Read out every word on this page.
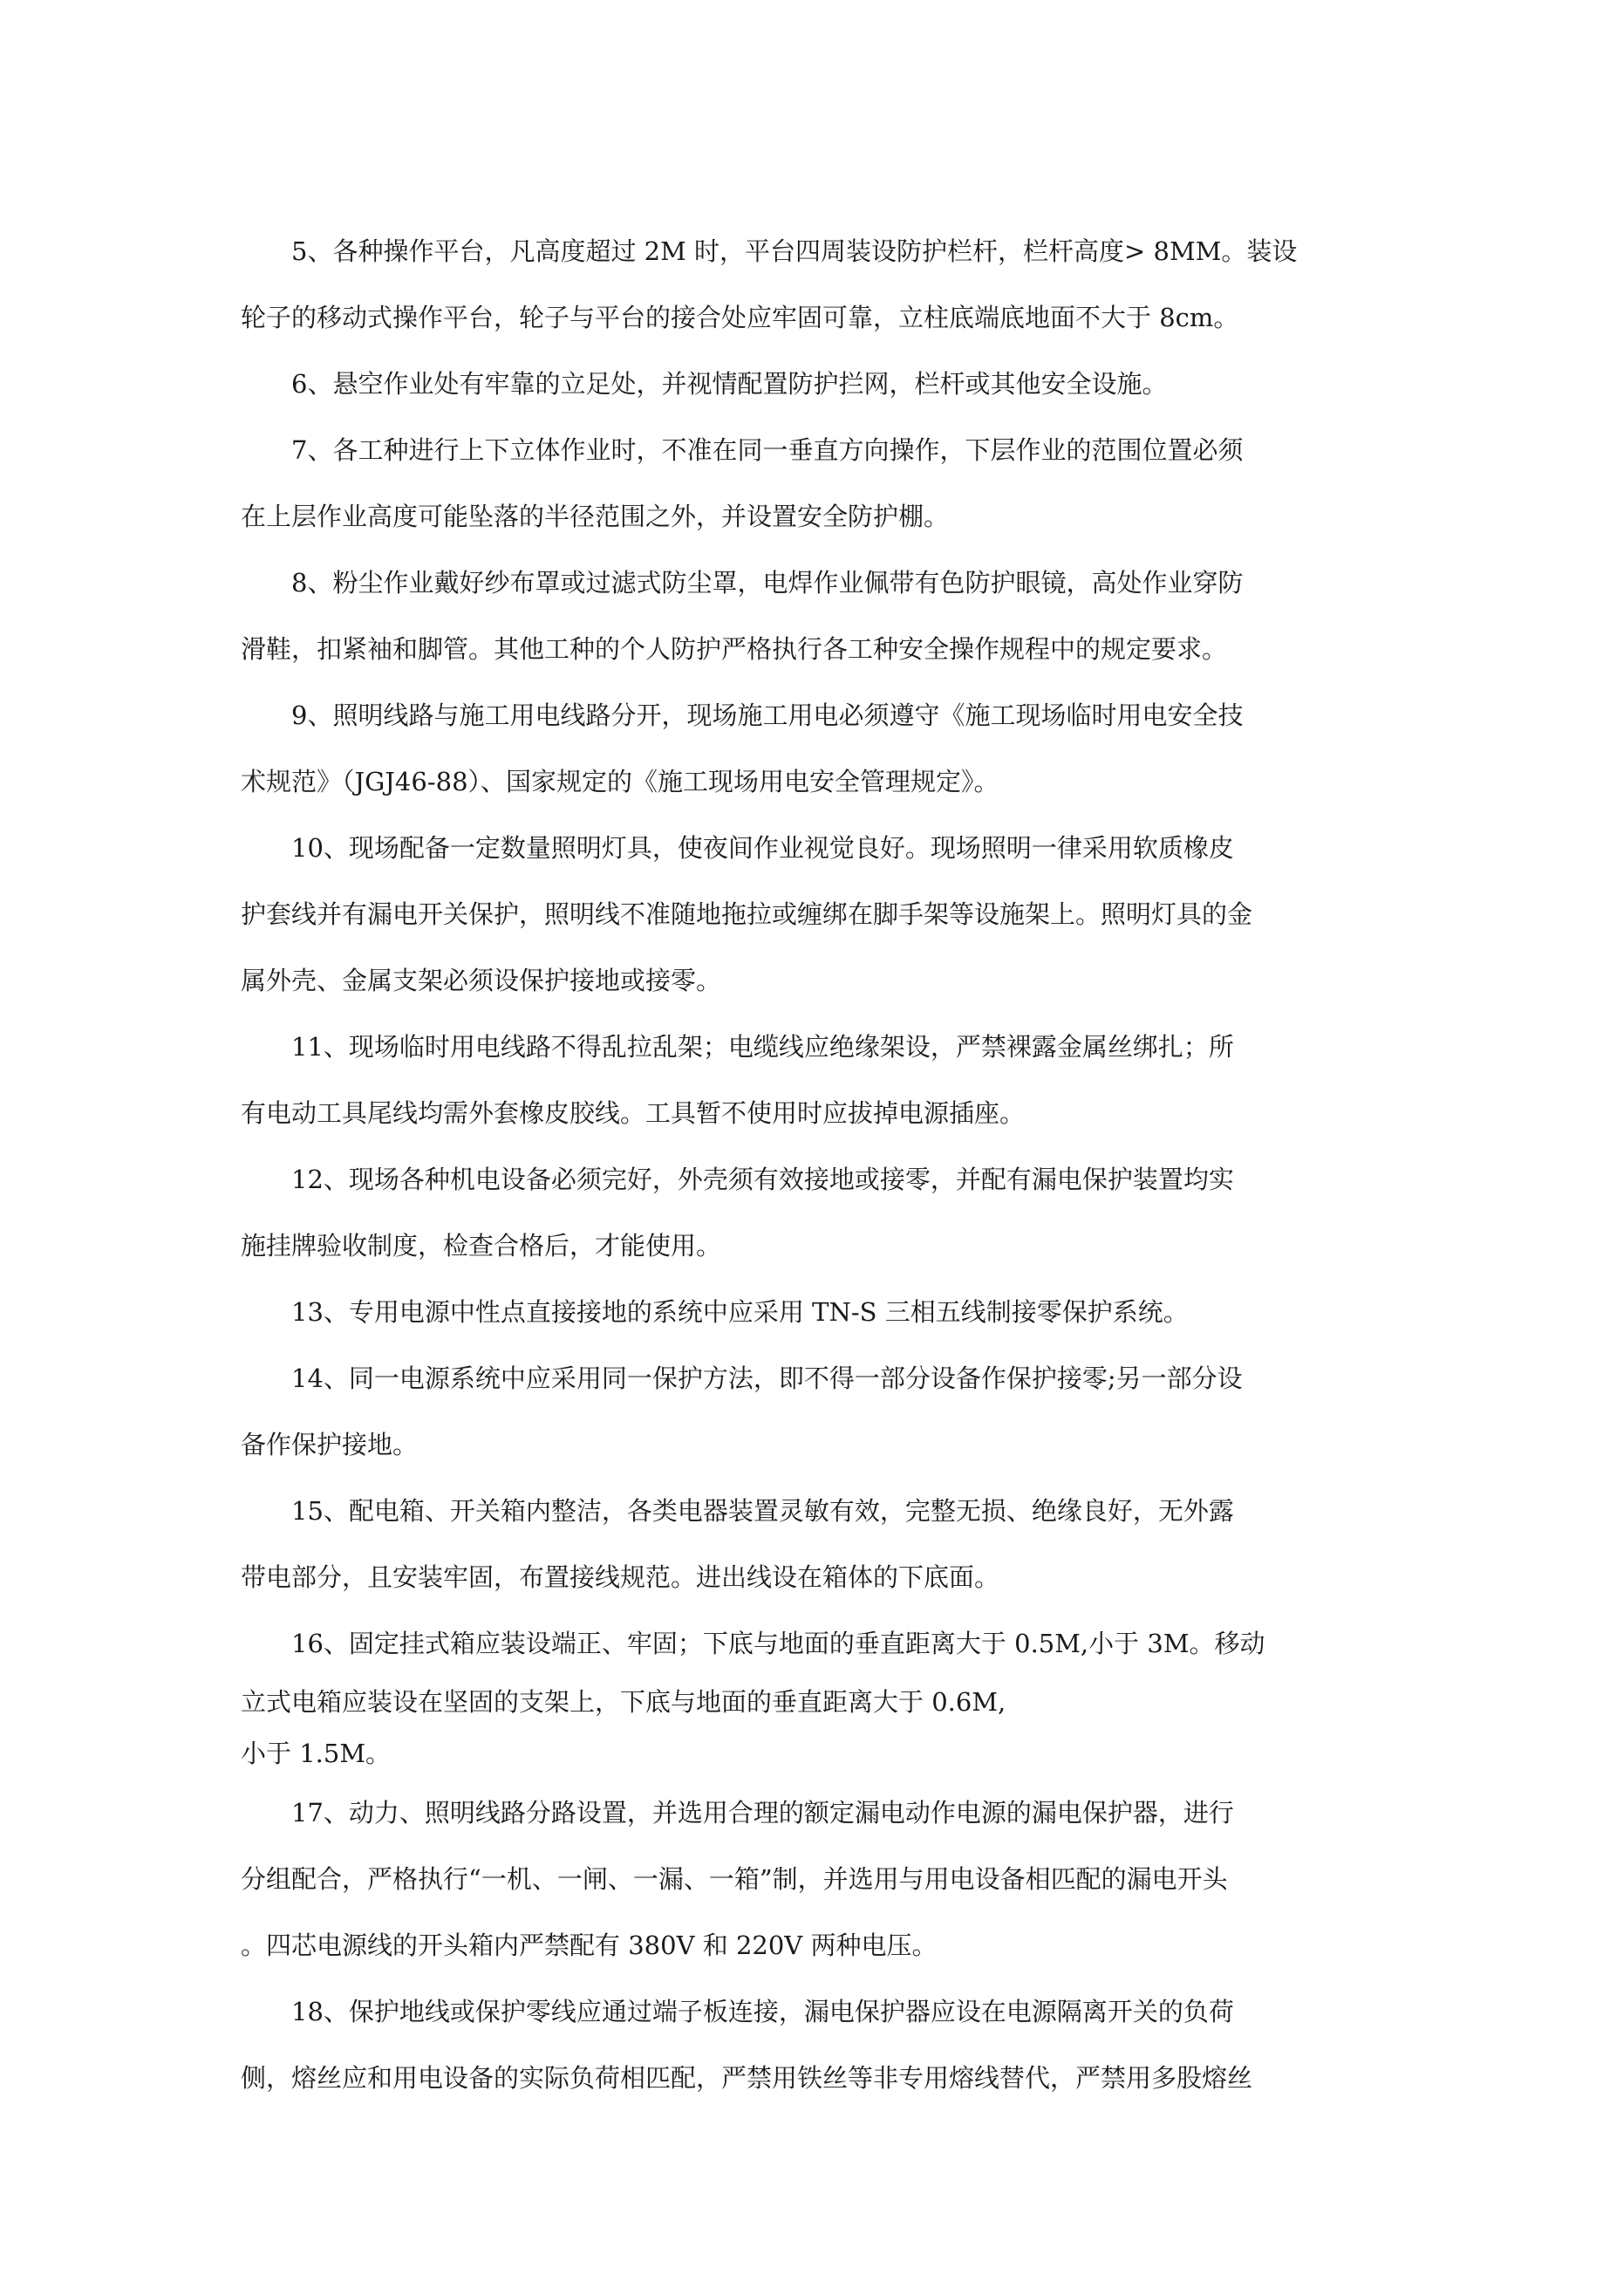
5、各种操作平台，凡高度超过 2M 时，平台四周装设防护栏杆，栏杆高度> 8MM。装设
轮子的移动式操作平台，轮子与平台的接合处应牢固可靠，立柱底端底地面不大于 8cm。
6、悬空作业处有牢靠的立足处，并视情配置防护拦网，栏杆或其他安全设施。
7、各工种进行上下立体作业时，不准在同一垂直方向操作，下层作业的范围位置必须
在上层作业高度可能坠落的半径范围之外，并设置安全防护棚。
8、粉尘作业戴好纱布罩或过滤式防尘罩，电焊作业佩带有色防护眼镜，高处作业穿防
滑鞋，扣紧袖和脚管。其他工种的个人防护严格执行各工种安全操作规程中的规定要求。
9、照明线路与施工用电线路分开，现场施工用电必须遵守《施工现场临时用电安全技
术规范》（JGJ46-88）、国家规定的《施工现场用电安全管理规定》。
10、现场配备一定数量照明灯具，使夜间作业视觉良好。现场照明一律采用软质橡皮
护套线并有漏电开关保护，照明线不准随地拖拉或缠绑在脚手架等设施架上。照明灯具的金
属外壳、金属支架必须设保护接地或接零。
11、现场临时用电线路不得乱拉乱架；电缆线应绝缘架设，严禁裸露金属丝绑扎；所
有电动工具尾线均需外套橡皮胶线。工具暂不使用时应拔掉电源插座。
12、现场各种机电设备必须完好，外壳须有效接地或接零，并配有漏电保护装置均实
施挂牌验收制度，检查合格后，才能使用。
13、专用电源中性点直接接地的系统中应采用 TN-S 三相五线制接零保护系统。
14、同一电源系统中应采用同一保护方法，即不得一部分设备作保护接零;另一部分设
备作保护接地。
15、配电箱、开关箱内整洁，各类电器装置灵敏有效，完整无损、绝缘良好，无外露
带电部分，且安装牢固，布置接线规范。进出线设在箱体的下底面。
16、固定挂式箱应装设端正、牢固；下底与地面的垂直距离大于 0.5M,小于 3M。移动
立式电箱应装设在坚固的支架上，下底与地面的垂直距离大于 0.6M,
小于 1.5M。
17、动力、照明线路分路设置，并选用合理的额定漏电动作电源的漏电保护器，进行
分组配合，严格执行“一机、一闸、一漏、一箱”制，并选用与用电设备相匹配的漏电开头
。四芯电源线的开头箱内严禁配有 380V 和 220V 两种电压。
18、保护地线或保护零线应通过端子板连接，漏电保护器应设在电源隔离开关的负荷
侧，熔丝应和用电设备的实际负荷相匹配，严禁用铁丝等非专用熔线替代，严禁用多股熔丝
